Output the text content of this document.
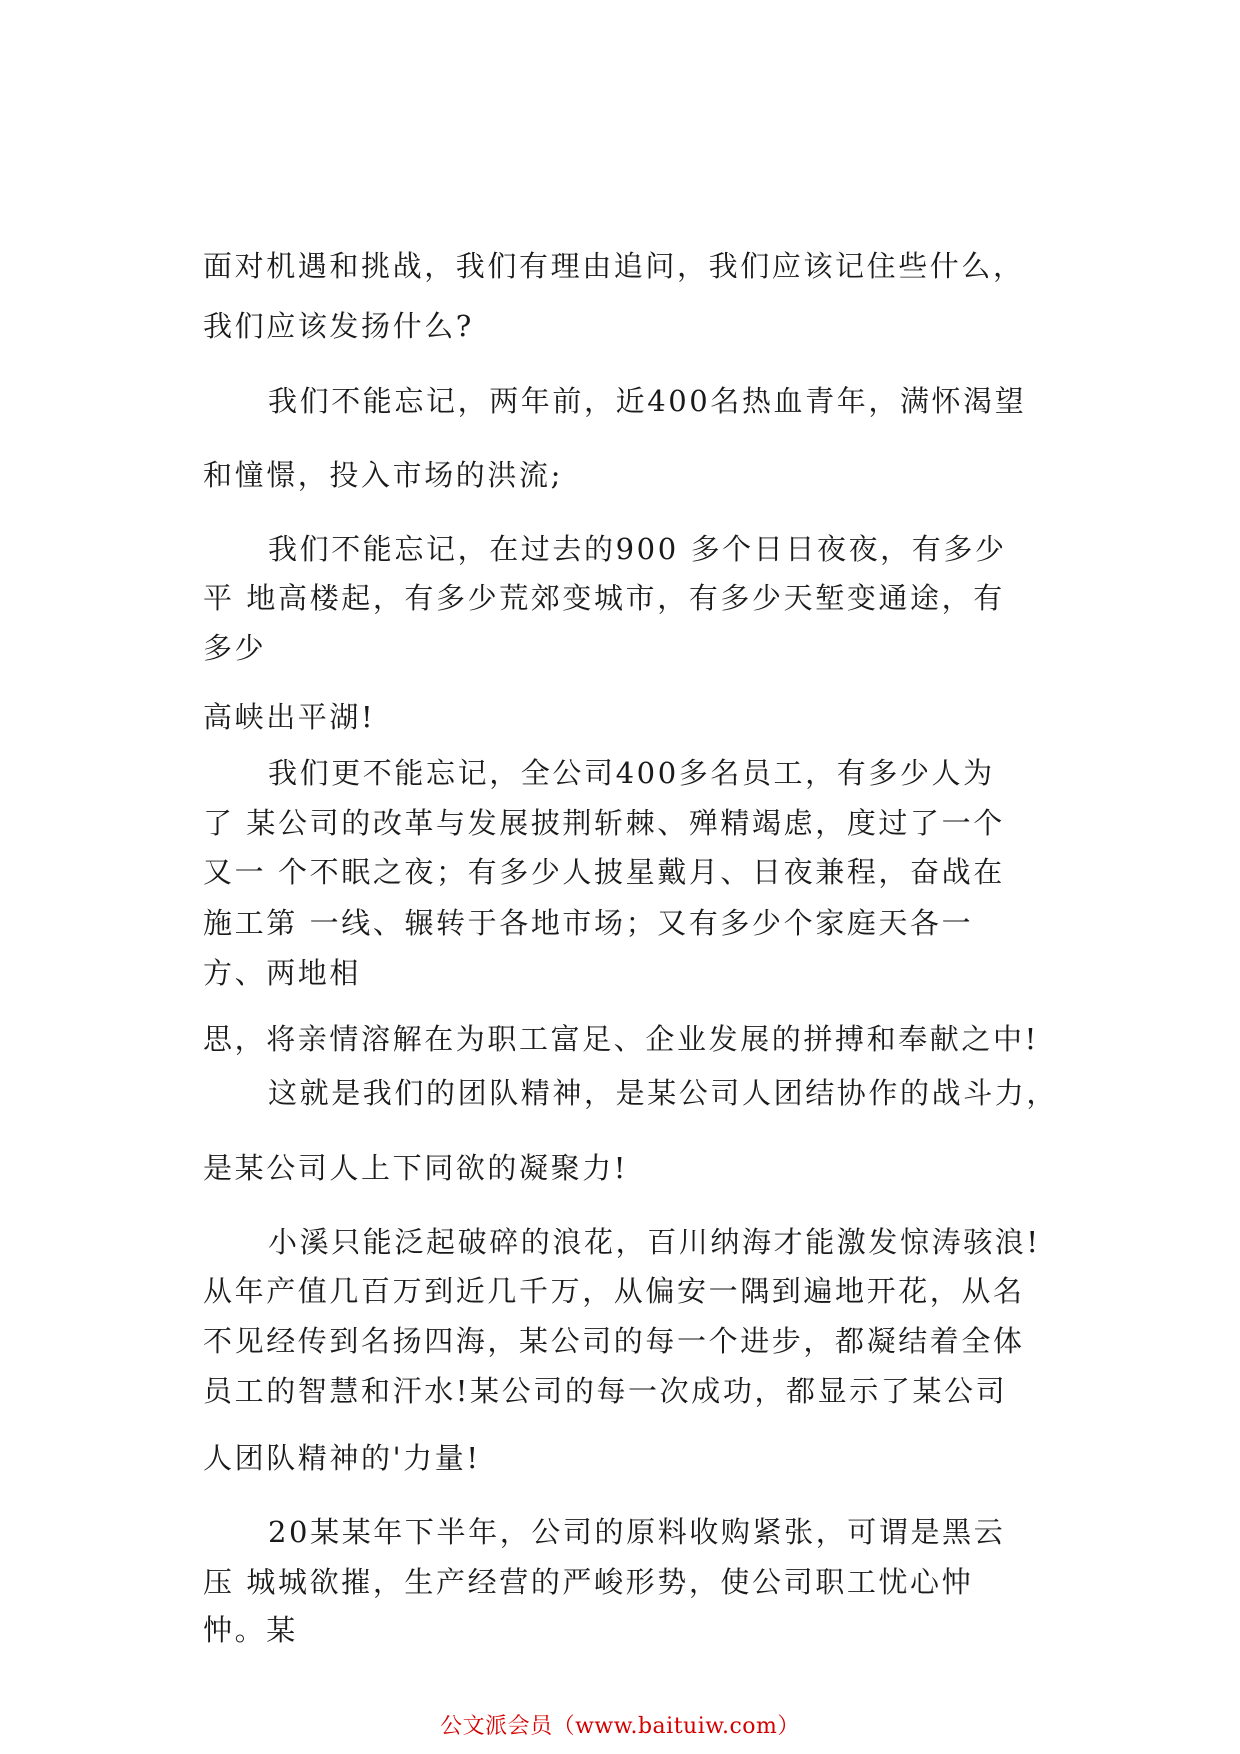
面对机遇和挑战，我们有理由追问，我们应该记住些什么，
我们应该发扬什么?
我们不能忘记，两年前，近400名热血青年，满怀渴望
和憧憬，投入市场的洪流;
我们不能忘记，在过去的900 多个日日夜夜，有多少
平 地高楼起，有多少荒郊变城市，有多少天堑变通途，有
多少
高峡出平湖!
我们更不能忘记，全公司400多名员工，有多少人为
了 某公司的改革与发展披荆斩棘、殚精竭虑，度过了一个
又一 个不眠之夜；有多少人披星戴月、日夜兼程，奋战在
施工第 一线、辗转于各地市场；又有多少个家庭天各一
方、两地相
思，将亲情溶解在为职工富足、企业发展的拼搏和奉献之中!
这就是我们的团队精神，是某公司人团结协作的战斗力，
是某公司人上下同欲的凝聚力!
小溪只能泛起破碎的浪花，百川纳海才能激发惊涛骇浪!
从年产值几百万到近几千万，从偏安一隅到遍地开花，从名
不见经传到名扬四海，某公司的每一个进步，都凝结着全体
员工的智慧和汗水!某公司的每一次成功，都显示了某公司
人团队精神的'力量!
20某某年下半年，公司的原料收购紧张，可谓是黑云
压 城城欲摧，生产经营的严峻形势，使公司职工忧心忡
忡。某
公文派会员（www.baituiw.com）
